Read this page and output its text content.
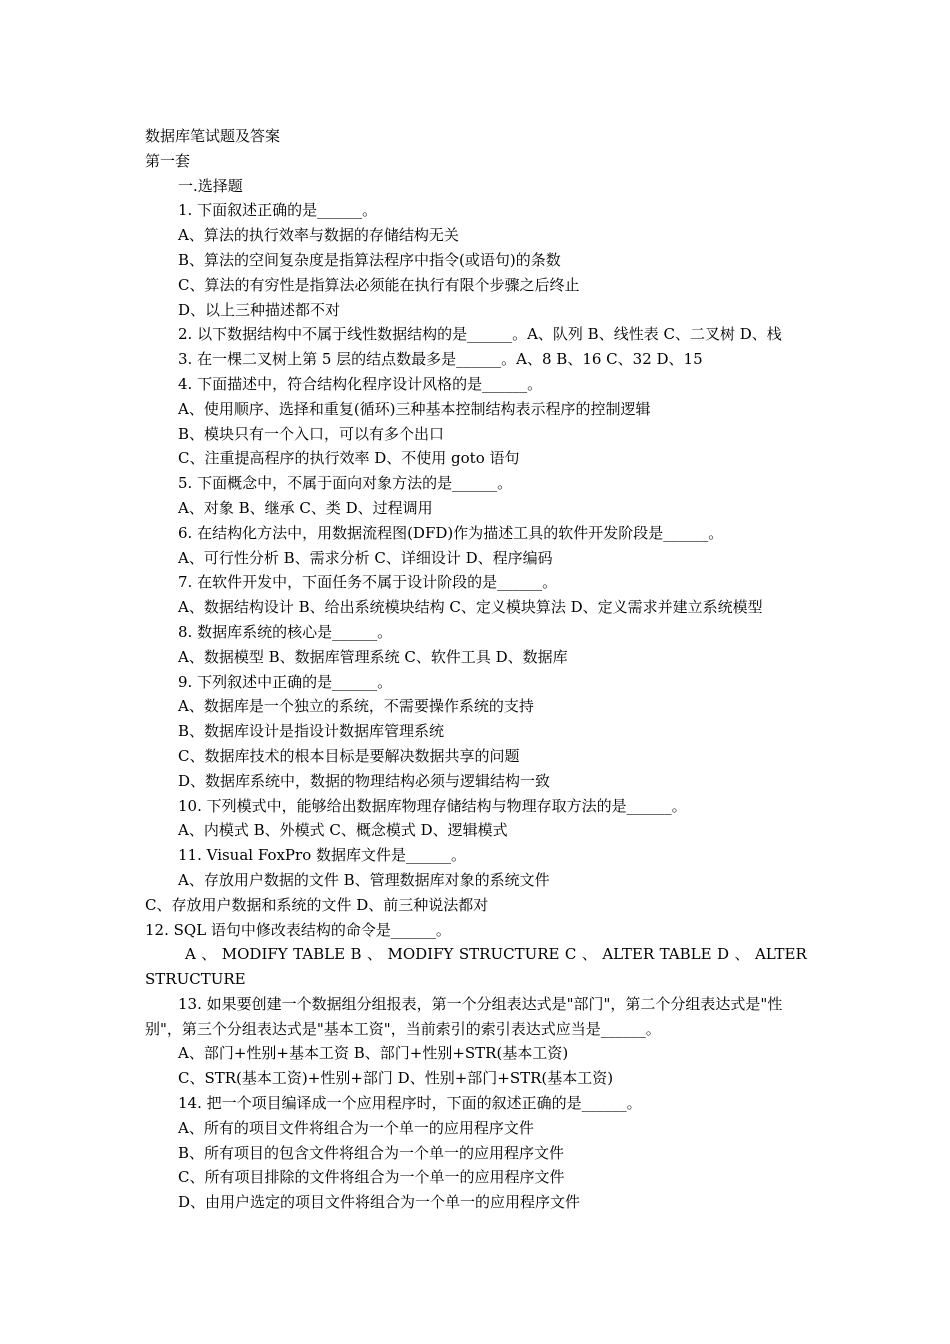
数据库笔试题及答案

第一套

一.选择题

1. 下面叙述正确的是______。

A、算法的执行效率与数据的存储结构无关

B、算法的空间复杂度是指算法程序中指令(或语句)的条数

C、算法的有穷性是指算法必须能在执行有限个步骤之后终止

D、以上三种描述都不对

2. 以下数据结构中不属于线性数据结构的是______。A、队列 B、线性表 C、二叉树 D、栈

3. 在一棵二叉树上第 5 层的结点数最多是______。A、8 B、16 C、32 D、15

4. 下面描述中，符合结构化程序设计风格的是______。

A、使用顺序、选择和重复(循环)三种基本控制结构表示程序的控制逻辑

B、模块只有一个入口，可以有多个出口

C、注重提高程序的执行效率 D、不使用 goto 语句

5. 下面概念中，不属于面向对象方法的是______。

A、对象 B、继承 C、类 D、过程调用

6. 在结构化方法中，用数据流程图(DFD)作为描述工具的软件开发阶段是______。

A、可行性分析 B、需求分析 C、详细设计 D、程序编码

7. 在软件开发中，下面任务不属于设计阶段的是______。

A、数据结构设计 B、给出系统模块结构 C、定义模块算法 D、定义需求并建立系统模型

8. 数据库系统的核心是______。

A、数据模型 B、数据库管理系统 C、软件工具 D、数据库

9. 下列叙述中正确的是______。

A、数据库是一个独立的系统，不需要操作系统的支持

B、数据库设计是指设计数据库管理系统

C、数据库技术的根本目标是要解决数据共享的问题

D、数据库系统中，数据的物理结构必须与逻辑结构一致

10. 下列模式中，能够给出数据库物理存储结构与物理存取方法的是______。

A、内模式 B、外模式 C、概念模式 D、逻辑模式

11. Visual FoxPro 数据库文件是______。

A、存放用户数据的文件 B、管理数据库对象的系统文件

C、存放用户数据和系统的文件 D、前三种说法都对

12. SQL 语句中修改表结构的命令是______。

A 、 MODIFY TABLE B 、 MODIFY STRUCTURE C 、 ALTER TABLE D 、 ALTER

STRUCTURE

13. 如果要创建一个数据组分组报表，第一个分组表达式是"部门"，第二个分组表达式是"性别"，第三个分组表达式是"基本工资"，当前索引的索引表达式应当是______。

A、部门+性别+基本工资 B、部门+性别+STR(基本工资)

C、STR(基本工资)+性别+部门 D、性别+部门+STR(基本工资)

14. 把一个项目编译成一个应用程序时，下面的叙述正确的是______。

A、所有的项目文件将组合为一个单一的应用程序文件

B、所有项目的包含文件将组合为一个单一的应用程序文件

C、所有项目排除的文件将组合为一个单一的应用程序文件

D、由用户选定的项目文件将组合为一个单一的应用程序文件
